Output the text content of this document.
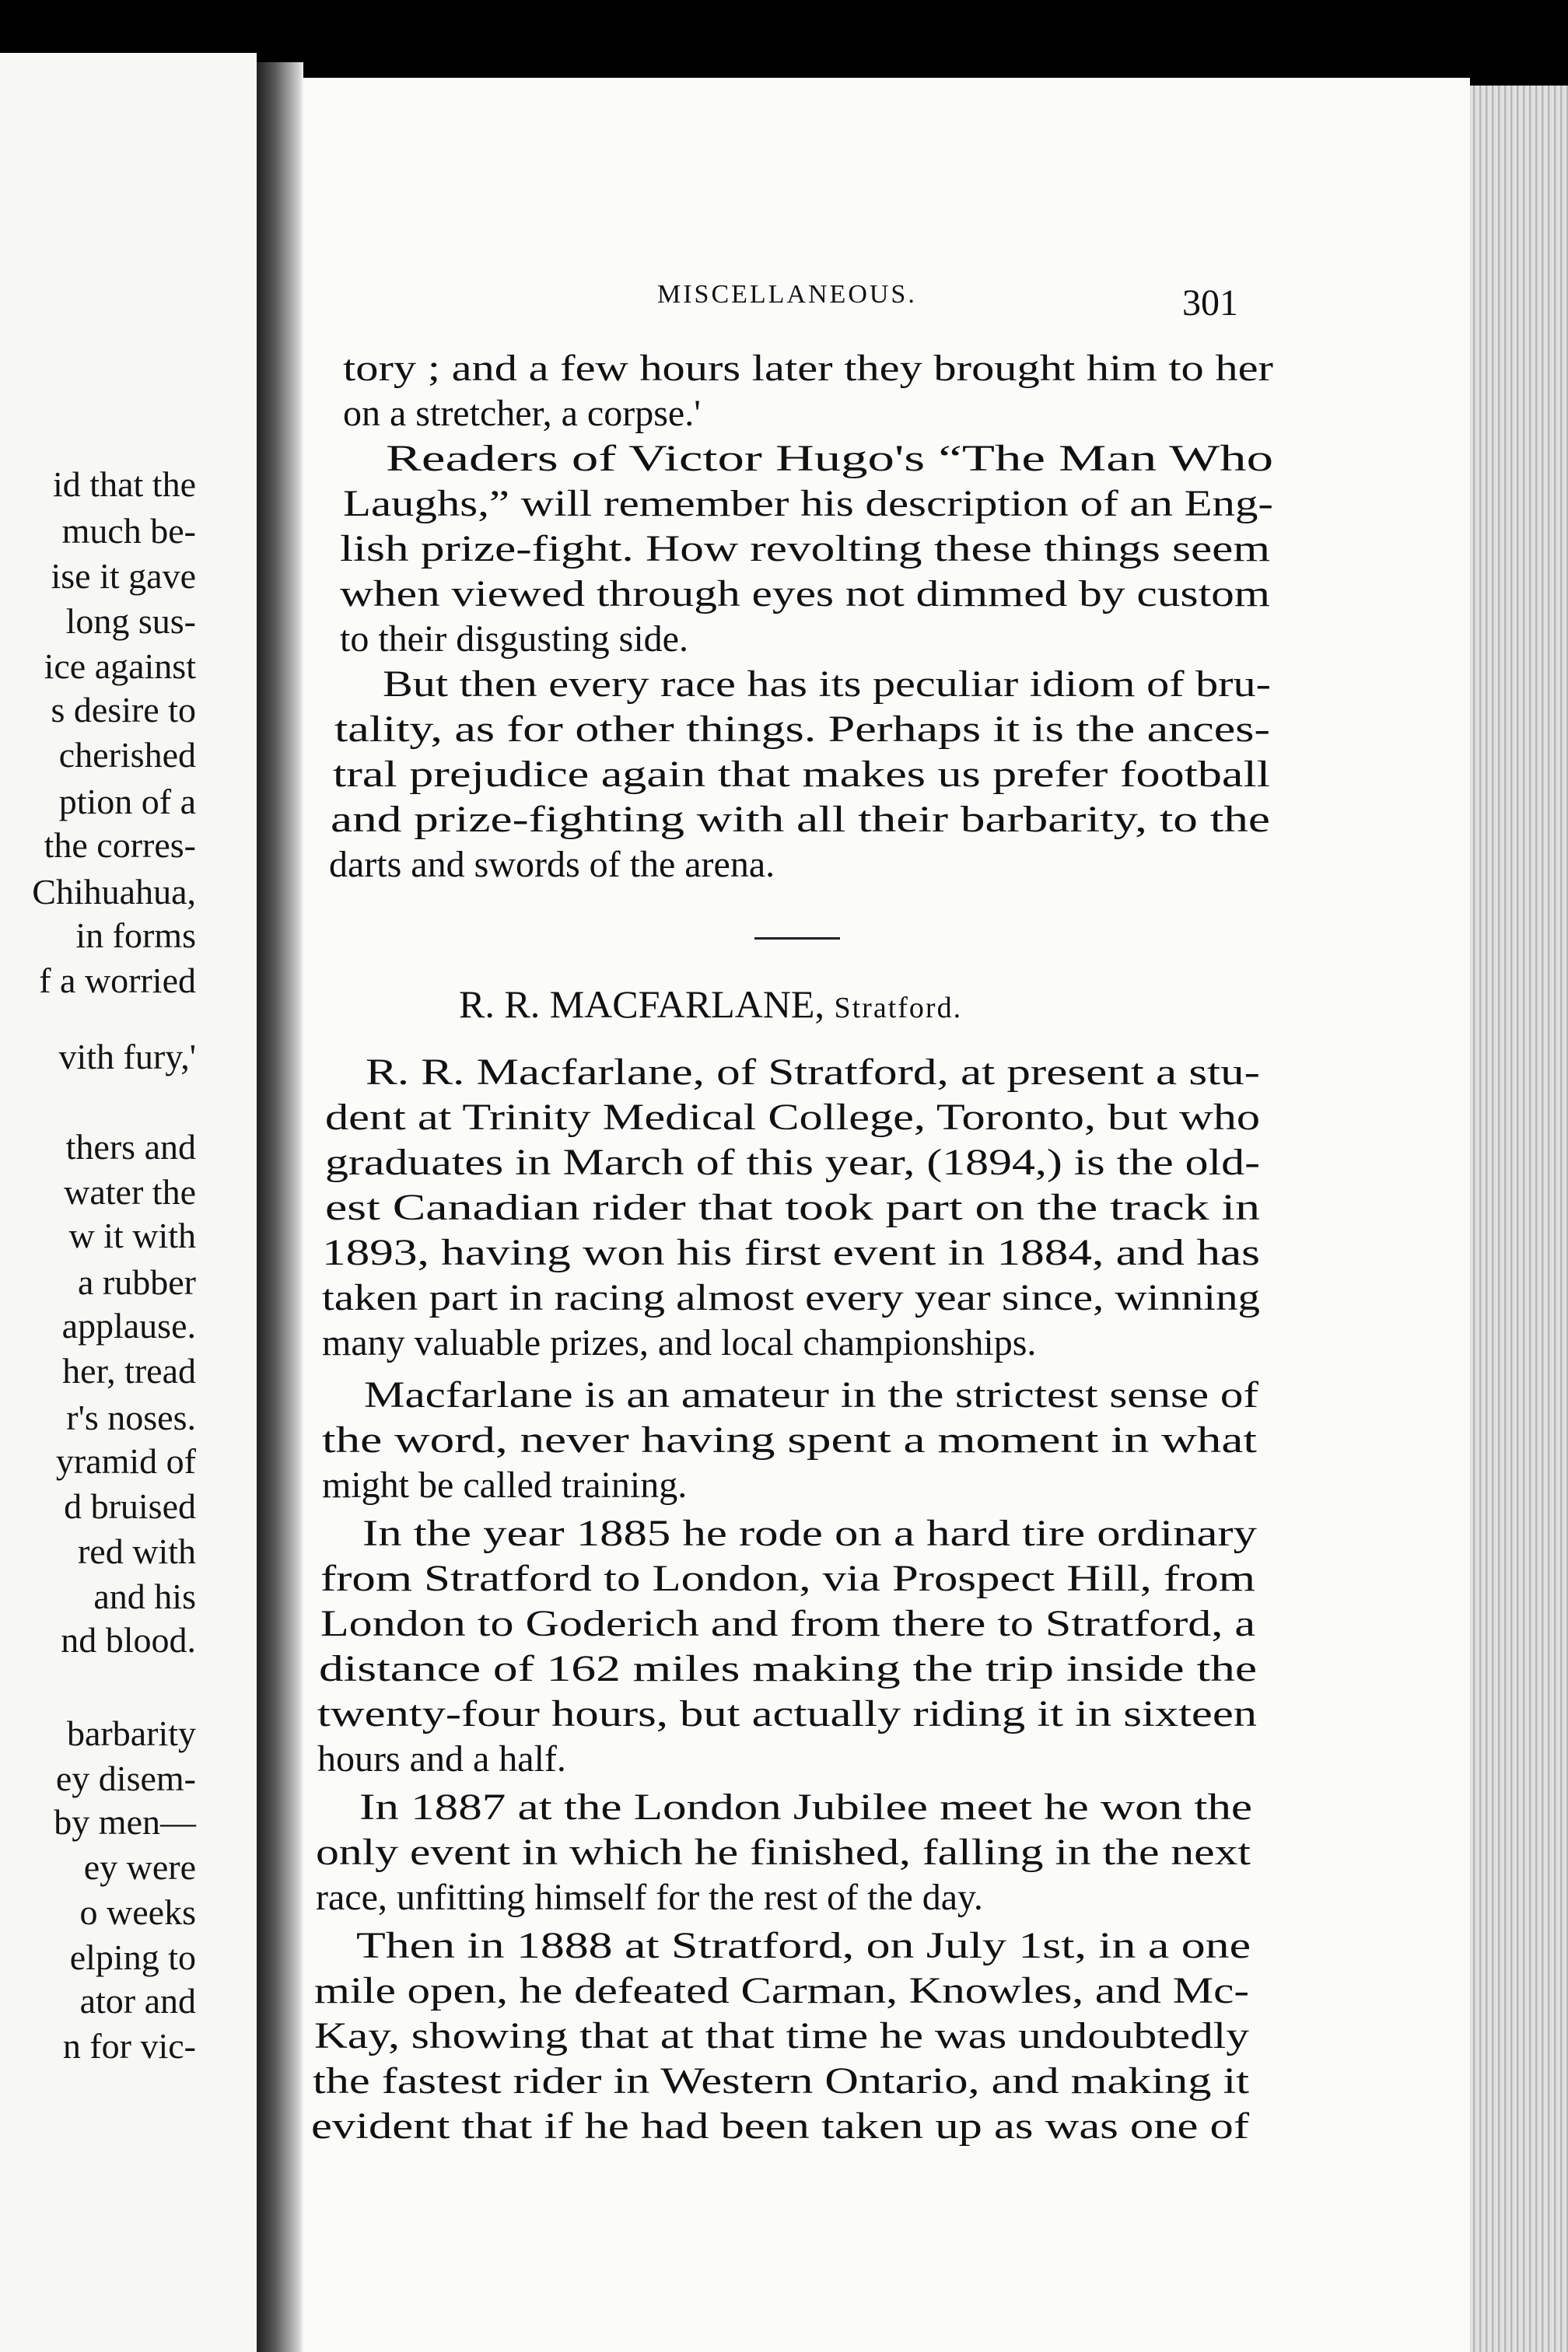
id that the
much be-
ise it gave
long sus-
ice against
s desire to
cherished
ption of a
the corres-
Chihuahua,
in forms
f a worried
vith fury,'
thers and
water the
w it with
a rubber
applause.
her, tread
r's noses.
yramid of
d bruised
red with
and his
nd blood.
barbarity
ey disem-
by men—
ey were
o weeks
elping to
ator and
n for vic-
MISCELLANEOUS.	301
tory ; and a few hours later they brought him to her
on a stretcher, a corpse.'
Readers of Victor Hugo's “The Man Who
Laughs,” will remember his description of an Eng-
lish prize-fight. How revolting these things seem
when viewed through eyes not dimmed by custom
to their disgusting side.
But then every race has its peculiar idiom of bru-
tality, as for other things. Perhaps it is the ances-
tral prejudice again that makes us prefer football
and prize-fighting with all their barbarity, to the
darts and swords of the arena.
R. R. MACFARLANE, Stratford.
R. R. Macfarlane, of Stratford, at present a stu-
dent at Trinity Medical College, Toronto, but who
graduates in March of this year, (1894,) is the old-
est Canadian rider that took part on the track in
1893, having won his first event in 1884, and has
taken part in racing almost every year since, winning
many valuable prizes, and local championships.
Macfarlane is an amateur in the strictest sense of
the word, never having spent a moment in what
might be called training.
In the year 1885 he rode on a hard tire ordinary
from Stratford to London, via Prospect Hill, from
London to Goderich and from there to Stratford, a
distance of 162 miles making the trip inside the
twenty-four hours, but actually riding it in sixteen
hours and a half.
In 1887 at the London Jubilee meet he won the
only event in which he finished, falling in the next
race, unfitting himself for the rest of the day.
Then in 1888 at Stratford, on July 1st, in a one
mile open, he defeated Carman, Knowles, and Mc-
Kay, showing that at that time he was undoubtedly
the fastest rider in Western Ontario, and making it
evident that if he had been taken up as was one of
